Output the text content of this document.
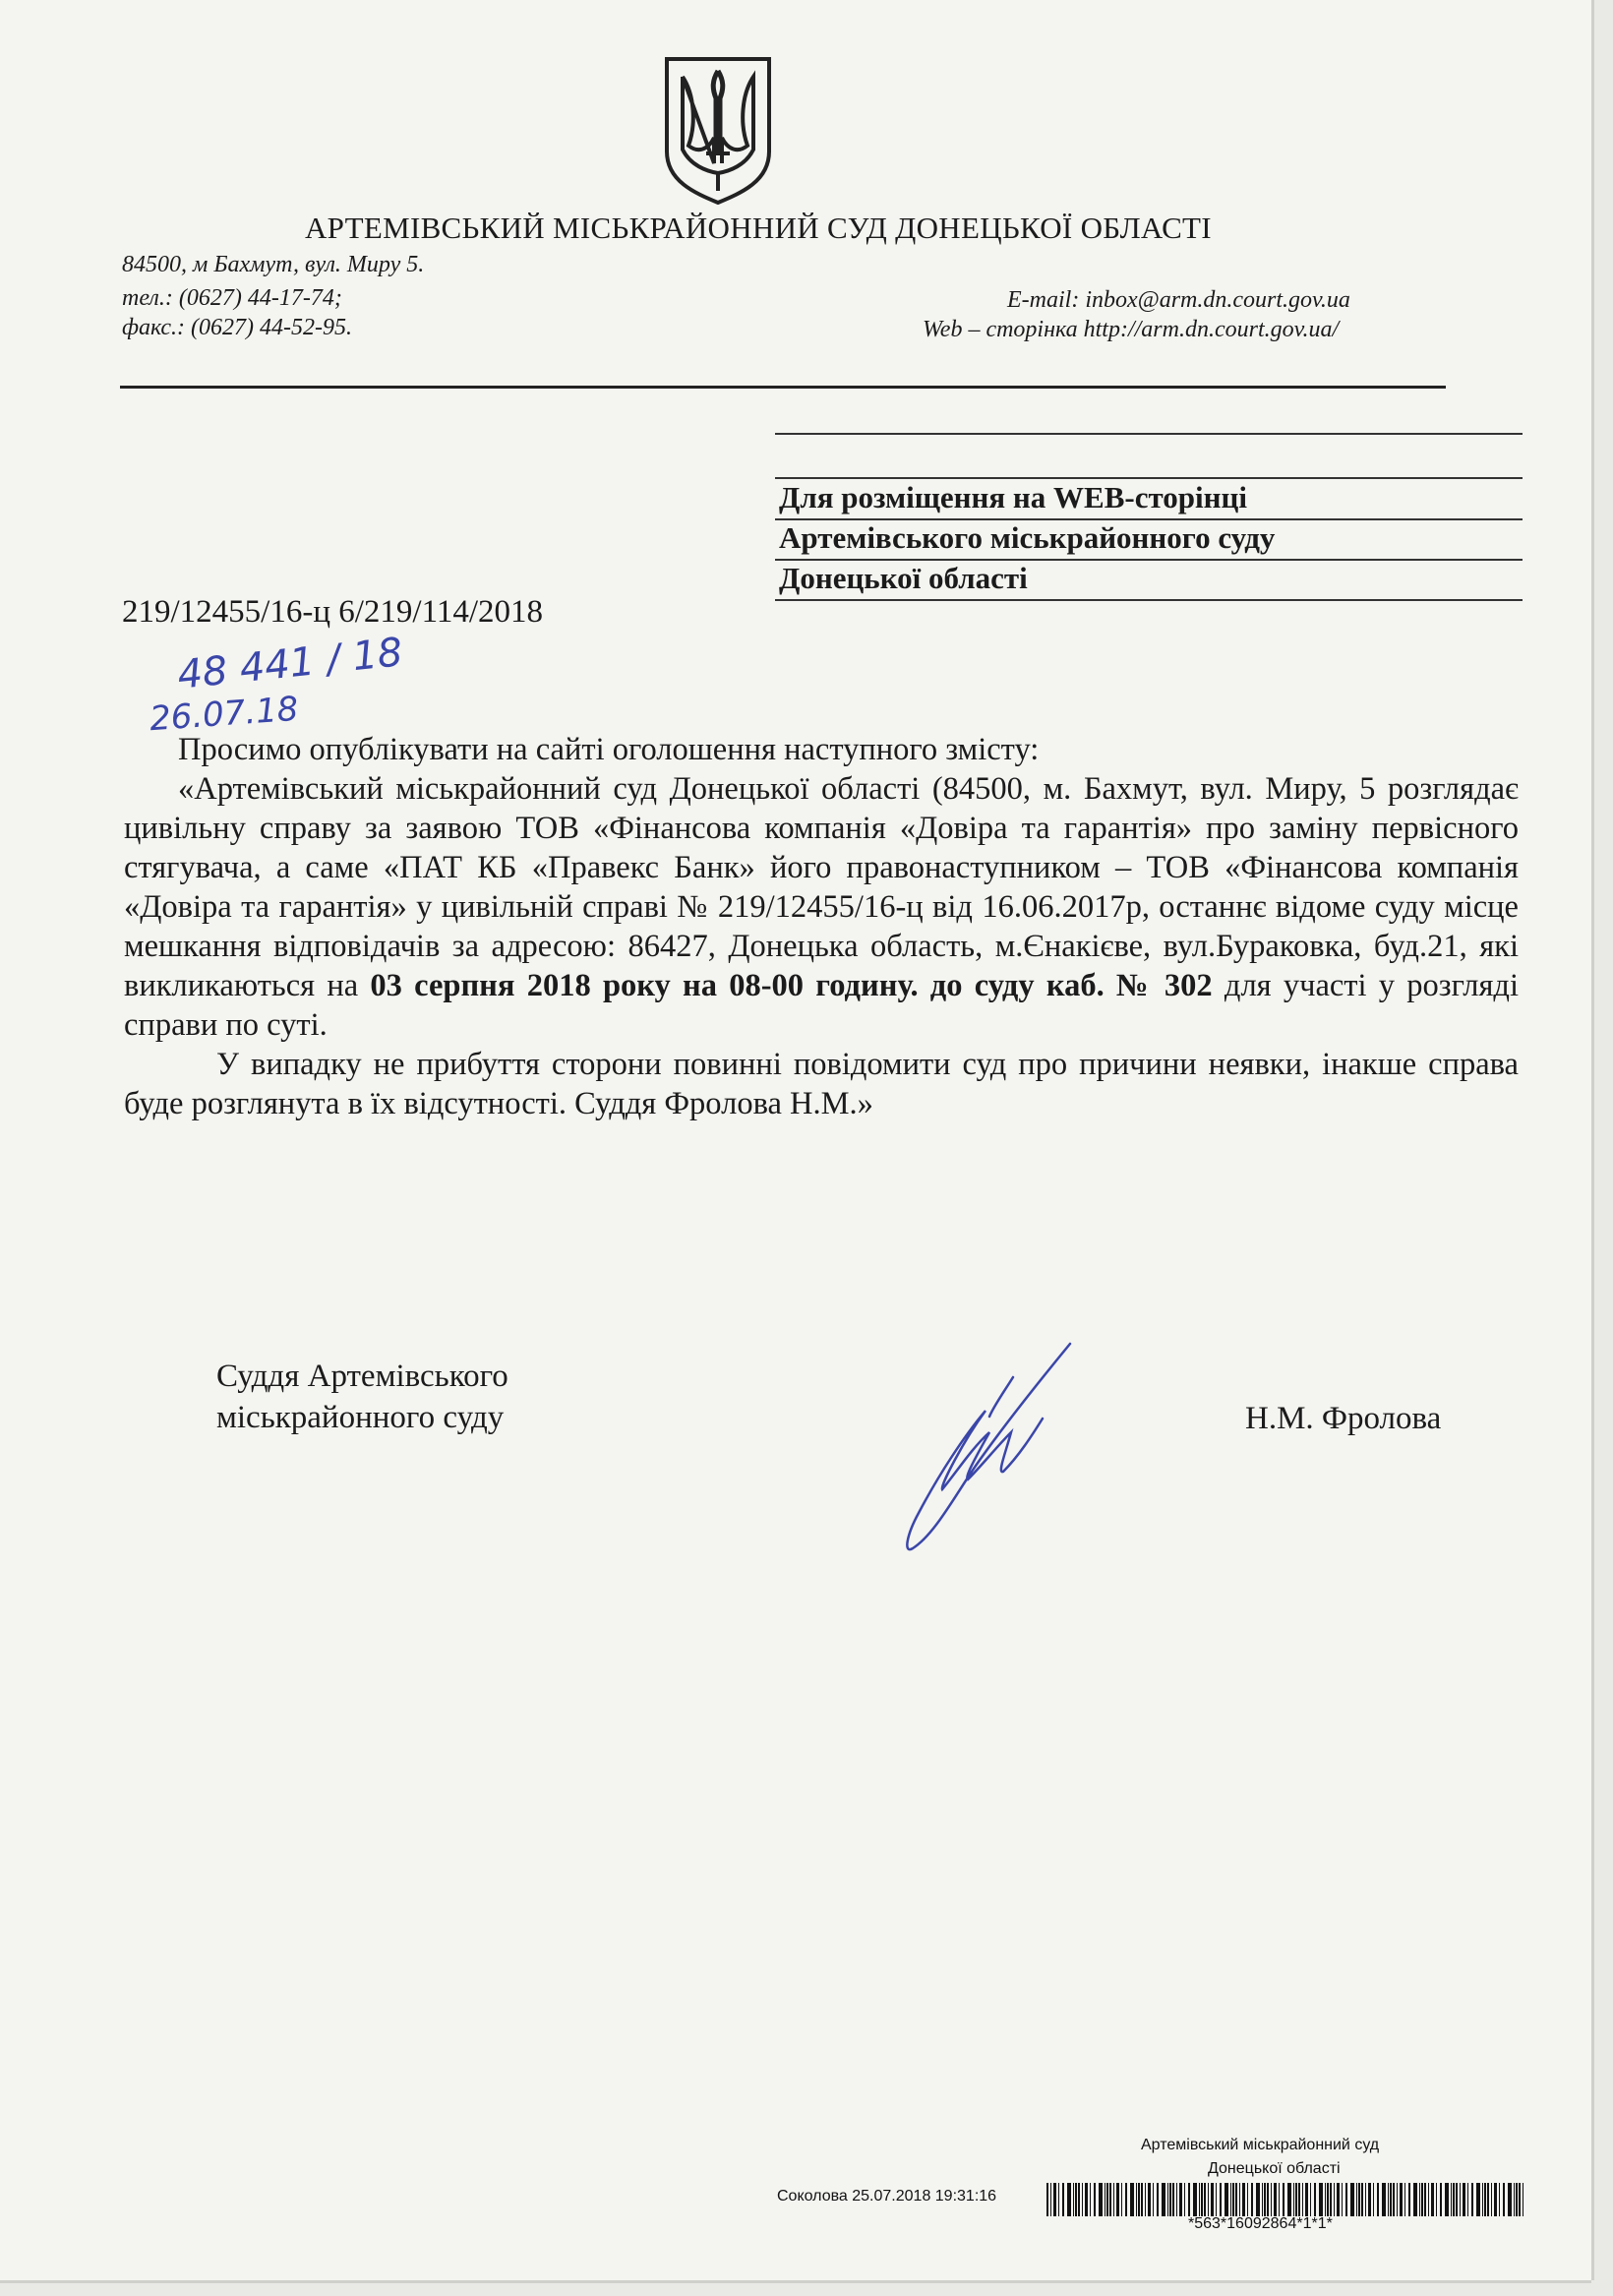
АРТЕМІВСЬКИЙ МІСЬКРАЙОННИЙ СУД ДОНЕЦЬКОЇ ОБЛАСТІ
84500, м Бахмут, вул. Миру 5.
тел.: (0627) 44-17-74;
факс.: (0627) 44-52-95.
E-mail: inbox@arm.dn.court.gov.ua
Web – сторінка http://arm.dn.court.gov.ua/
Для розміщення на WEB-сторінці
Артемівського міськрайонного суду
Донецької області
219/12455/16-ц 6/219/114/2018
48 441 / 18
26.07.18

Просимо опублікувати на сайті оголошення наступного змісту:

«Артемівський міськрайонний суд Донецької області (84500, м. Бахмут, вул. Миру, 5 розглядає цивільну справу за заявою ТОВ «Фінансова компанія «Довіра та гарантія» про заміну первісного стягувача, а саме «ПАТ КБ «Правекс Банк» його правонаступником – ТОВ «Фінансова компанія «Довіра та гарантія» у цивільній справі № 219/12455/16-ц від 16.06.2017р, останнє відоме суду місце мешкання відповідачів за адресою: 86427, Донецька область, м.Єнакієве, вул.Бураковка, буд.21, які викликаються на 03 серпня 2018 року на 08-00 годину. до суду каб. № 302 для участі у розгляді справи по суті.

У випадку не прибуття сторони повинні повідомити суд про причини неявки, інакше справа буде розглянута в їх відсутності. Суддя Фролова Н.М.»

Суддя Артемівського
міськрайонного суду	Н.М. Фролова
Артемівський міськрайонний суд
Донецької області
Соколова 25.07.2018 19:31:16
*563*16092864*1*1*
